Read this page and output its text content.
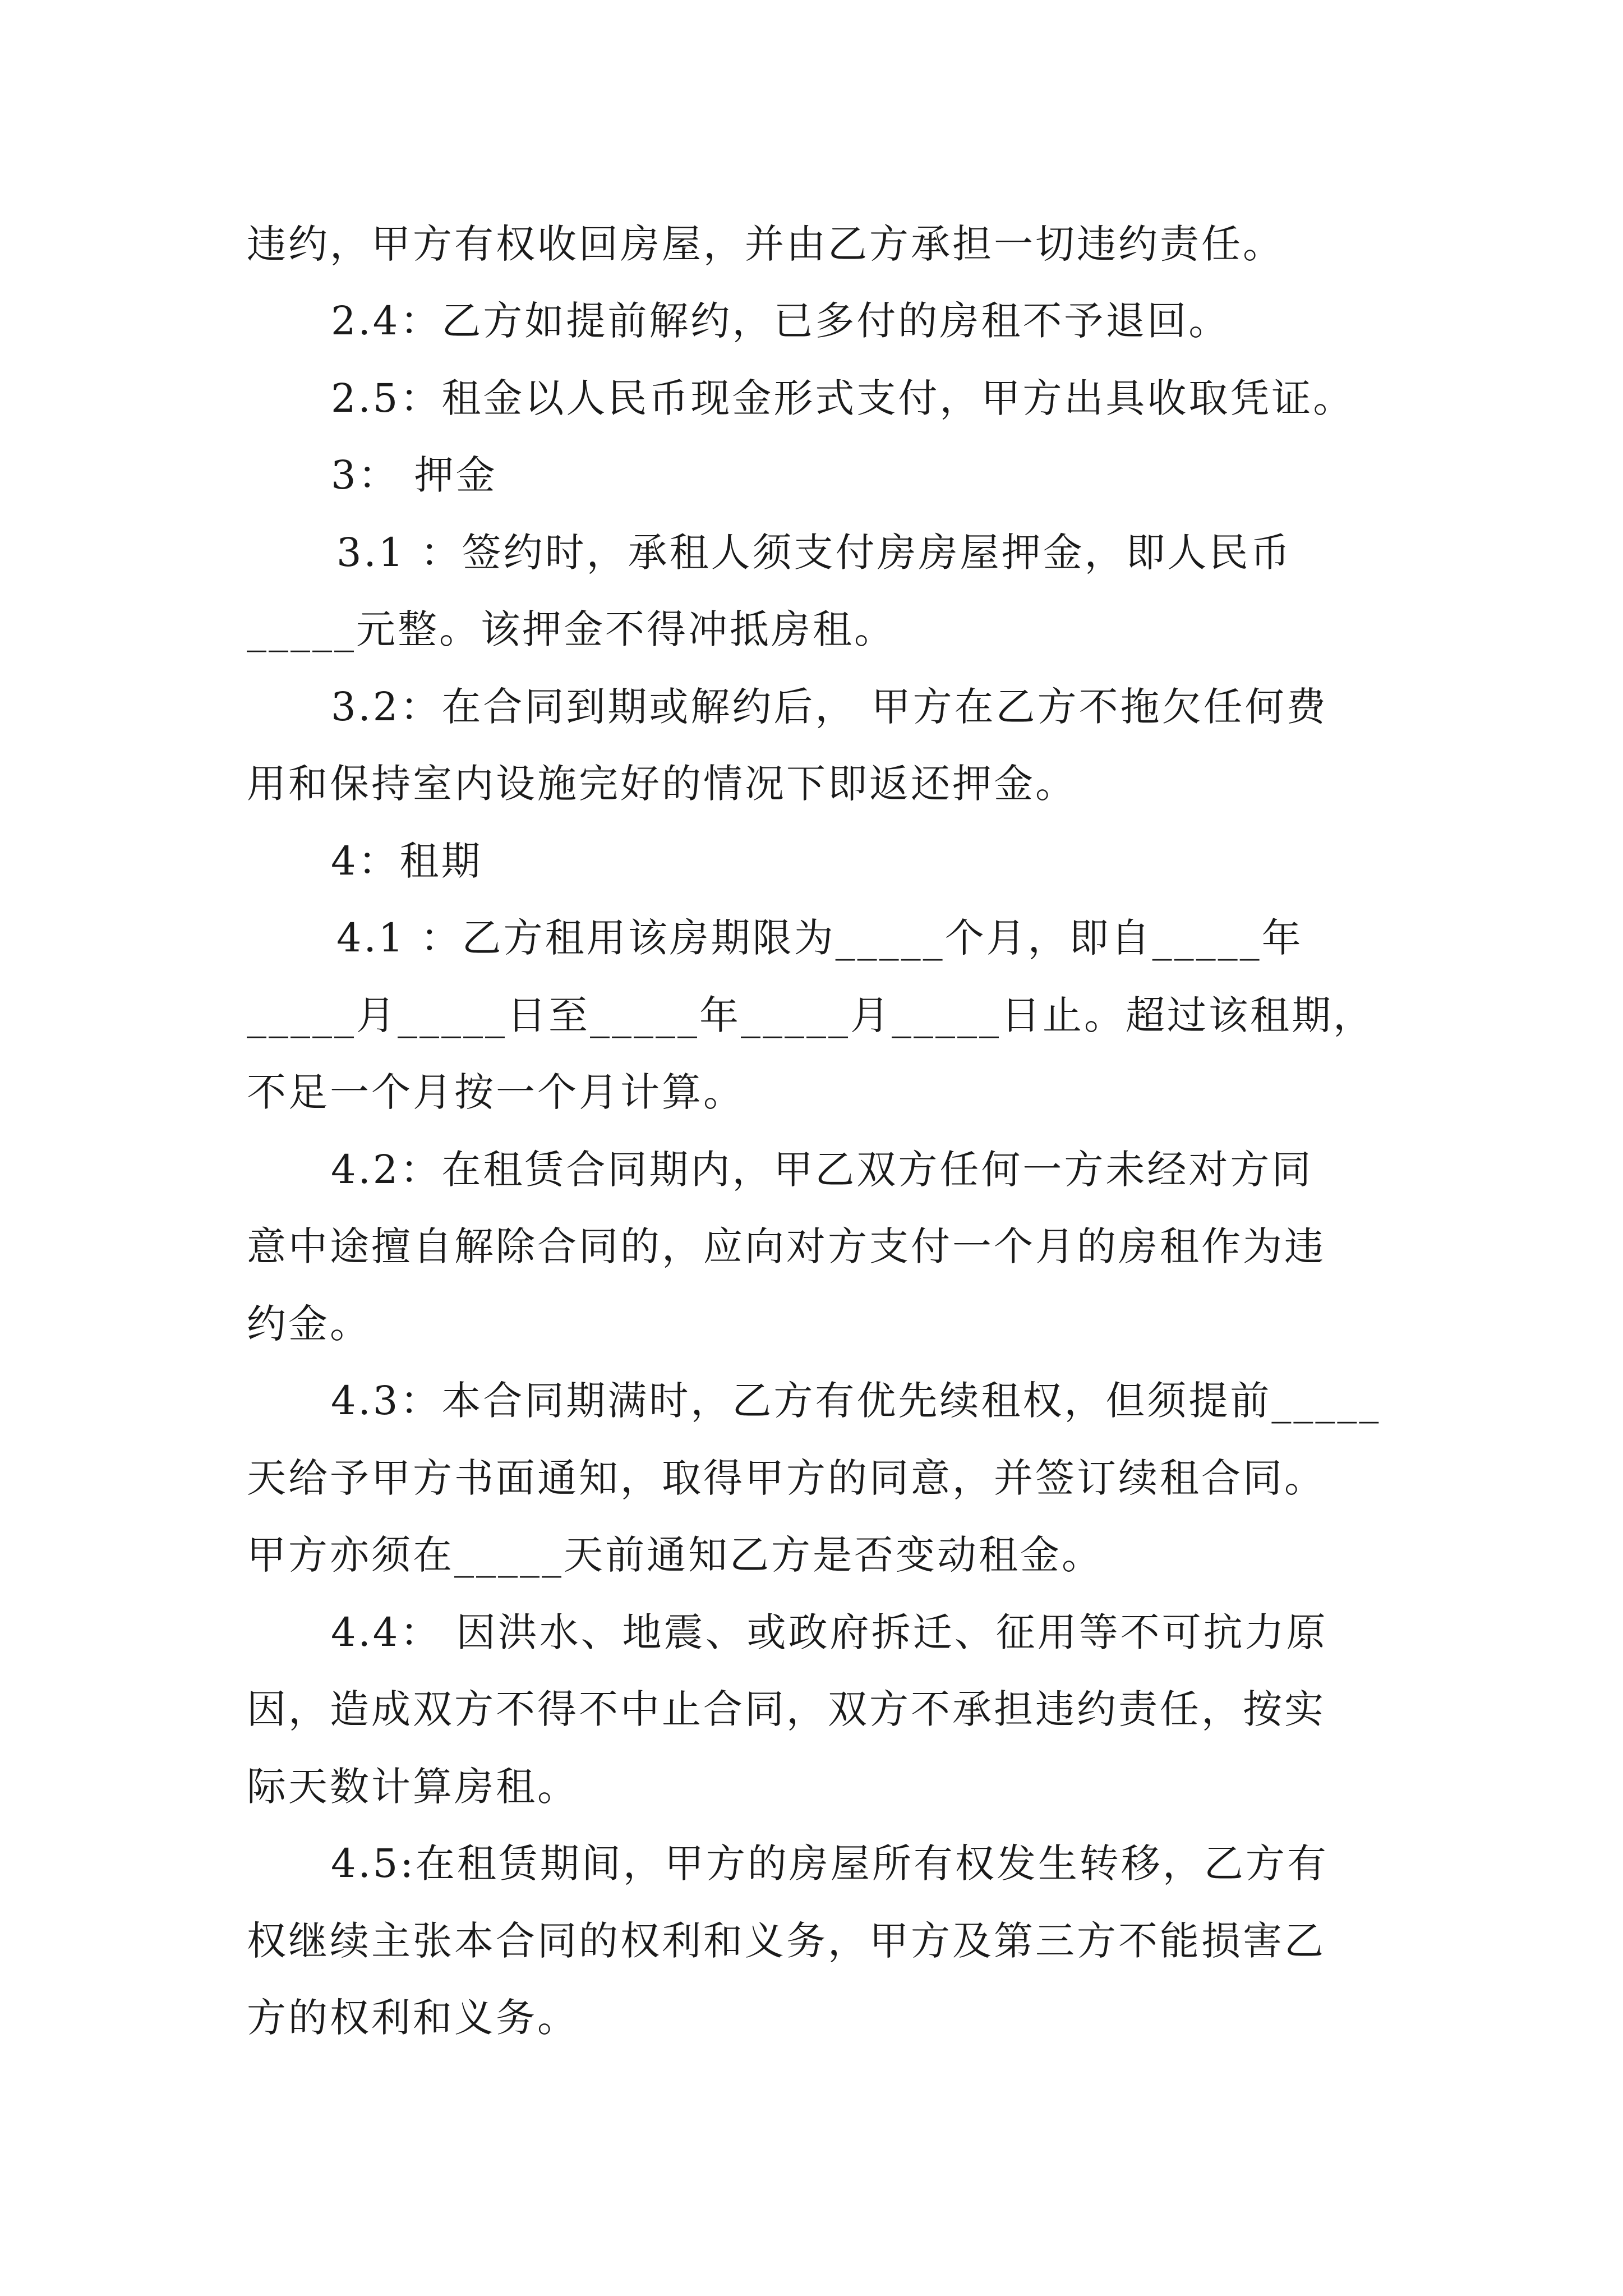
违约，甲方有权收回房屋，并由乙方承担一切违约责任。
2.4：乙方如提前解约，已多付的房租不予退回。
2.5：租金以人民币现金形式支付，甲方出具收取凭证。
3： 押金
3.1 ：签约时，承租人须支付房房屋押金，即人民币
_____元整。该押金不得冲抵房租。
3.2：在合同到期或解约后， 甲方在乙方不拖欠任何费
用和保持室内设施完好的情况下即返还押金。
4：租期
4.1 ：乙方租用该房期限为_____个月，即自_____年
_____月_____日至_____年_____月_____日止。超过该租期，
不足一个月按一个月计算。
4.2：在租赁合同期内，甲乙双方任何一方未经对方同
意中途擅自解除合同的，应向对方支付一个月的房租作为违
约金。
4.3：本合同期满时，乙方有优先续租权，但须提前_____
天给予甲方书面通知，取得甲方的同意，并签订续租合同。
甲方亦须在_____天前通知乙方是否变动租金。
4.4： 因洪水、地震、或政府拆迁、征用等不可抗力原
因，造成双方不得不中止合同，双方不承担违约责任，按实
际天数计算房租。
4.5:在租赁期间，甲方的房屋所有权发生转移，乙方有
权继续主张本合同的权利和义务，甲方及第三方不能损害乙
方的权利和义务。
